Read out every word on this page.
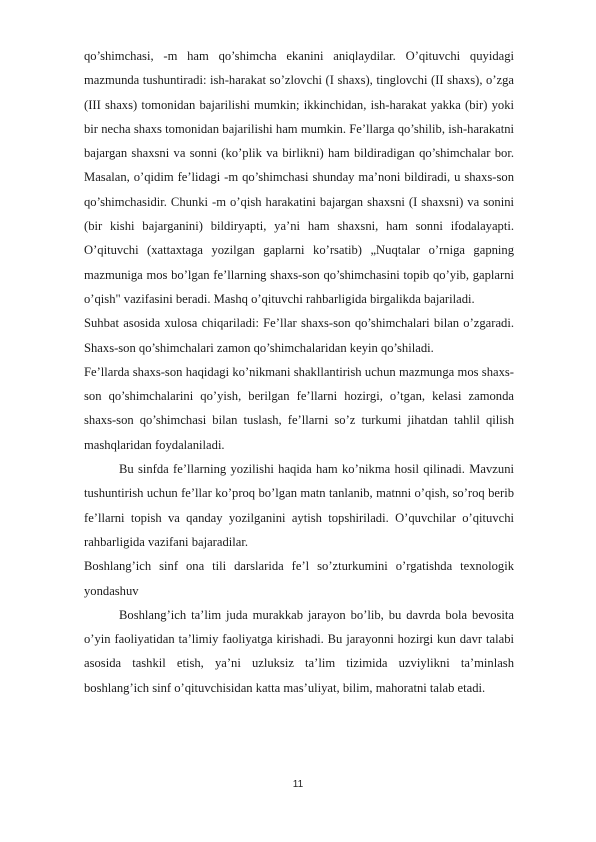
qo’shimchasi, -m ham qo’shimcha ekanini aniqlaydilar. O’qituvchi quyidagi mazmunda tushuntiradi: ish-harakat so’zlovchi (I shaxs), tinglovchi (II shaxs), o’zga (III shaxs) tomonidan bajarilishi mumkin; ikkinchidan, ish-harakat yakka (bir) yoki bir necha shaxs tomonidan bajarilishi ham mumkin. Fe’llarga qo’shilib, ish-harakatni bajargan shaxsni va sonni (ko’plik va birlikni) ham bildiradigan qo’shimchalar bor. Masalan, o’qidim fe’lidagi -m qo’shimchasi shunday ma’noni bildiradi, u shaxs-son qo’shimchasidir. Chunki -m o’qish harakatini bajargan shaxsni (I shaxsni) va sonini (bir kishi bajarganini) bildiryapti, ya’ni ham shaxsni, ham sonni ifodalayapti. O’qituvchi (xattaxtaga yozilgan gaplarni ko’rsatib) „Nuqtalar o’rniga gapning mazmuniga mos bo’lgan fe’llarning shaxs-son qo’shimchasini topib qo’yib, gaplarni o’qish" vazifasini beradi. Mashq o’qituvchi rahbarligida birgalikda bajariladi.

Suhbat asosida xulosa chiqariladi: Fe’llar shaxs-son qo’shimchalari bilan o’zgaradi. Shaxs-son qo’shimchalari zamon qo’shimchalaridan keyin qo’shiladi.

Fe’llarda shaxs-son haqidagi ko’nikmani shakllantirish uchun mazmunga mos shaxs-son qo’shimchalarini qo’yish, berilgan fe’llarni hozirgi, o’tgan, kelasi zamonda shaxs-son qo’shimchasi bilan tuslash, fe’llarni so’z turkumi jihatdan tahlil qilish mashqlaridan foydalaniladi.

Bu sinfda fe’llarning yozilishi haqida ham ko’nikma hosil qilinadi. Mavzuni tushuntirish uchun fe’llar ko’proq bo’lgan matn tanlanib, matnni o’qish, so’roq berib fe’llarni topish va qanday yozilganini aytish topshiriladi. O’quvchilar o’qituvchi rahbarligida vazifani bajaradilar.

Boshlang’ich sinf ona tili darslarida fe’l so’zturkumini o’rgatishda texnologik yondashuv

Boshlang’ich ta’lim juda murakkab jarayon bo’lib, bu davrda bola bevosita o’yin faoliyatidan ta’limiy faoliyatga kirishadi. Bu jarayonni hozirgi kun davr talabi asosida tashkil etish, ya’ni uzluksiz ta’lim tizimida uzviylikni ta’minlash boshlang’ich sinf o’qituvchisidan katta mas’uliyat, bilim, mahoratni talab etadi.

11
